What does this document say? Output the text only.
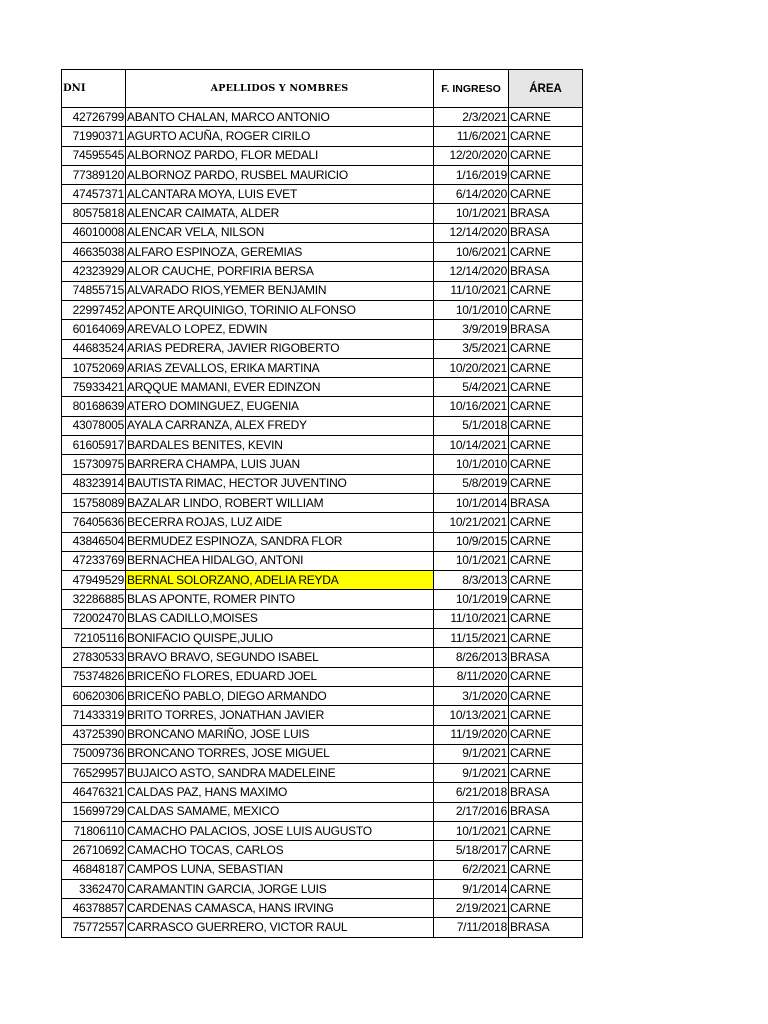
DNI	APELLIDOS Y NOMBRES	F. INGRESO	ÁREA
42726799	ABANTO CHALAN, MARCO ANTONIO	2/3/2021	CARNE
71990371	AGURTO ACUÑA, ROGER CIRILO	11/6/2021	CARNE
74595545	ALBORNOZ PARDO, FLOR MEDALI	12/20/2020	CARNE
77389120	ALBORNOZ PARDO, RUSBEL MAURICIO	1/16/2019	CARNE
47457371	ALCANTARA MOYA, LUIS EVET	6/14/2020	CARNE
80575818	ALENCAR CAIMATA, ALDER	10/1/2021	BRASA
46010008	ALENCAR VELA, NILSON	12/14/2020	BRASA
46635038	ALFARO ESPINOZA, GEREMIAS	10/6/2021	CARNE
42323929	ALOR CAUCHE, PORFIRIA BERSA	12/14/2020	BRASA
74855715	ALVARADO RIOS,YEMER BENJAMIN	11/10/2021	CARNE
22997452	APONTE ARQUINIGO, TORINIO ALFONSO	10/1/2010	CARNE
60164069	AREVALO LOPEZ, EDWIN	3/9/2019	BRASA
44683524	ARIAS PEDRERA, JAVIER RIGOBERTO	3/5/2021	CARNE
10752069	ARIAS ZEVALLOS, ERIKA MARTINA	10/20/2021	CARNE
75933421	ARQQUE MAMANI, EVER EDINZON	5/4/2021	CARNE
80168639	ATERO DOMINGUEZ, EUGENIA	10/16/2021	CARNE
43078005	AYALA CARRANZA, ALEX FREDY	5/1/2018	CARNE
61605917	BARDALES BENITES, KEVIN	10/14/2021	CARNE
15730975	BARRERA CHAMPA, LUIS JUAN	10/1/2010	CARNE
48323914	BAUTISTA RIMAC, HECTOR JUVENTINO	5/8/2019	CARNE
15758089	BAZALAR LINDO, ROBERT WILLIAM	10/1/2014	BRASA
76405636	BECERRA ROJAS, LUZ AIDE	10/21/2021	CARNE
43846504	BERMUDEZ ESPINOZA, SANDRA FLOR	10/9/2015	CARNE
47233769	BERNACHEA HIDALGO, ANTONI	10/1/2021	CARNE
47949529	BERNAL SOLORZANO, ADELIA REYDA	8/3/2013	CARNE
32286885	BLAS APONTE, ROMER PINTO	10/1/2019	CARNE
72002470	BLAS CADILLO,MOISES	11/10/2021	CARNE
72105116	BONIFACIO QUISPE,JULIO	11/15/2021	CARNE
27830533	BRAVO BRAVO, SEGUNDO ISABEL	8/26/2013	BRASA
75374826	BRICEÑO FLORES, EDUARD JOEL	8/11/2020	CARNE
60620306	BRICEÑO PABLO, DIEGO ARMANDO	3/1/2020	CARNE
71433319	BRITO TORRES, JONATHAN JAVIER	10/13/2021	CARNE
43725390	BRONCANO MARIÑO, JOSE LUIS	11/19/2020	CARNE
75009736	BRONCANO TORRES, JOSE MIGUEL	9/1/2021	CARNE
76529957	BUJAICO ASTO, SANDRA MADELEINE	9/1/2021	CARNE
46476321	CALDAS PAZ, HANS MAXIMO	6/21/2018	BRASA
15699729	CALDAS SAMAME, MEXICO	2/17/2016	BRASA
71806110	CAMACHO PALACIOS, JOSE LUIS AUGUSTO	10/1/2021	CARNE
26710692	CAMACHO TOCAS, CARLOS	5/18/2017	CARNE
46848187	CAMPOS LUNA, SEBASTIAN	6/2/2021	CARNE
3362470	CARAMANTIN GARCIA, JORGE LUIS	9/1/2014	CARNE
46378857	CARDENAS CAMASCA, HANS IRVING	2/19/2021	CARNE
75772557	CARRASCO GUERRERO, VICTOR RAUL	7/11/2018	BRASA
